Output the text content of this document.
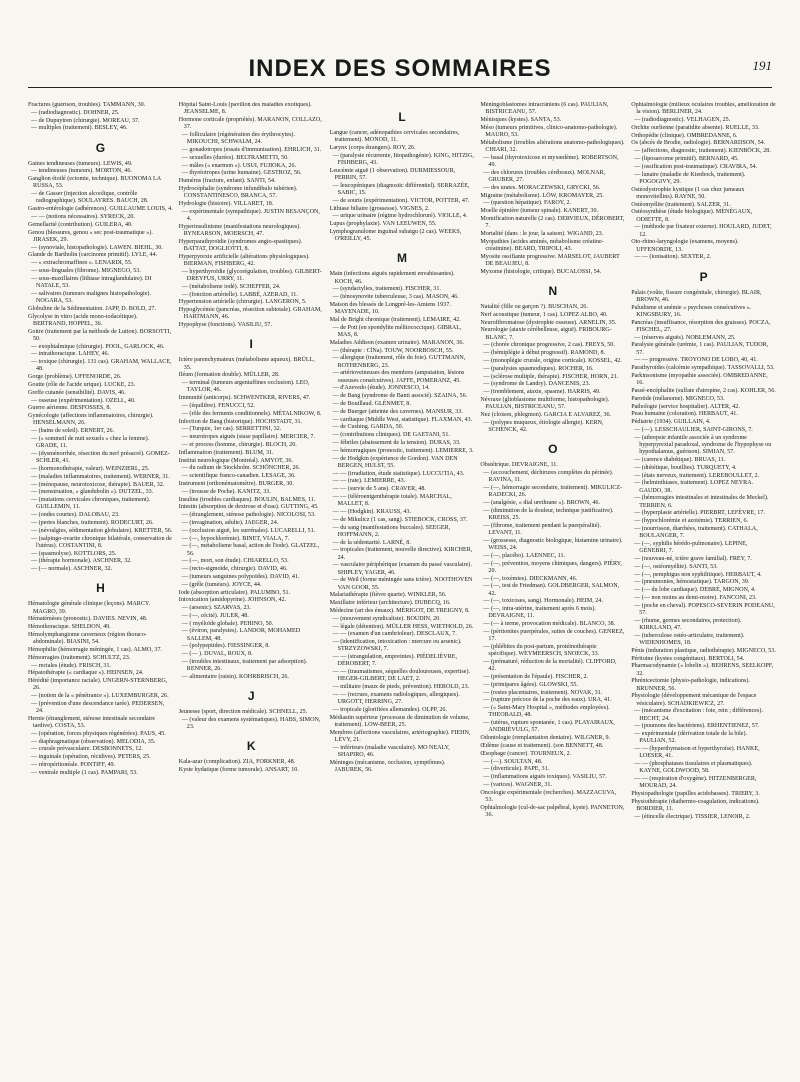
INDEX DES SOMMAIRES	191
Fractures (guérison, troubles). TAMMANN, 30.
— (radiodiagnostic). DOHNER, 25.
— de Dupuytren (chirurgie). MOREAU, 37.
— multiples (traitement). BESLEY, 46.
G
Gaines tendineuses (tumeurs). LEWIS, 49.
— tendineuses (tumeurs). MORTON, 46.
Ganglion étoilé (ectomie, technique). BUONOMA LA RUSSA, 53.
— de Gasser (injection alcoolique, contrôle radiographique). SOULAYRES. BAUCH, 28.
Gastro-entérologie (adhérences). GUILLAUME LOUIS, 4.
— — (notions nécessaires). SYRECK, 20.
Gemellarité (contribution). GUILERA, 40.
Genou (blessures, genou « sec post-traumatique »). JIRASEK, 29.
— (synoviale, histopathologie). LAWEN. BIEHL, 30.
Glande de Bartholin (carcinome primitif). LYLE, 44.
— « extrachromaffines ». LENARDI, 55.
— sous-linguales (fibrome). MIGNEGO, 53.
— sous-maxillaires (lithiase intraglandulaire). DI NATALE, 53.
— salivaires (tumeurs malignes histopathologie). NOGARA, 53.
Globuline de la Sédimentation. JAPP, D. BOLD, 27.
Glycolyse in vitro (acide mono-iodacétique). BERTRAND, HOPPEL, 36.
Goitre (traitement par la méthode de Lutton). BORSOTTI, 50.
— exophtalmique (chirurgie). POOL, GARLOCK, 46.
— intrathoracique. LAHEY, 46.
— toxique (chirurgie). 131 cas). GRAHAM, WALLACE, 48.
Gorge (problème). UFFENORDE, 26.
Goutte (rôle de l'acide urique). LUCKE, 23.
Greffe cutanée (sensibilité). DAVIS, 46.
— osseuse (expérimentation). OZELL, 40.
Guerre aérienne. DESFOSSES, 8.
Gynécologie (affections inflammatoires, chirurgie). HENSELMANN, 26.
— (bains de soleil). ERNERT, 26.
— (« sommeil de nuit sexuels » chez la femme). GRADE, 11.
— (dysménorrhée, résection du nerf présacré). GOMEZ-SCHLER, 41.
— (hormonothérapie, valeur). WEINZIERL, 25.
— (maladies inflammatoires, traitement). WERNER, 31.
— (ménopause, neurotoxicose, thérapie). BAUER, 32.
— (menstruation, « glandubolin »). DUTZEL, 33.
— (mutations cervicales chroniques, traitement). GUILLEMIN, 11.
— (ondes courtes). DALOBAU, 23.
— (pertes blanches, traitement). RODECURT, 26.
— (névralgies, sédimentation globulaire). KRETTER, 56.
— (salpingo-ovarite chronique bilatérale, conservation de l'utérus). COSTANTINI, 8.
— (spasmolyse). KOTTLORS, 25.
— (thérapie hormonale). ASCHNER, 32.
— (— normale). ASCHNER, 32.
H
Hématologie générale clinique (leçons). MARCY. MAGRO, 39.
Hématémèses (pronostic). DAVIES. NEVIN, 48.
Hémothoracique. SHELDON, 49.
Hémolymphangiome caverneux (région thoraco-abdominale). BIASINI, 54.
Hémophilie (hémorragie méningée, 1 cas). ALMO, 37.
Hémorragies (traitement). SCHULTZ, 23.
— rectales (étude). FRISCH, 31.
Hépatothérapie (« cardiaque »). HEINSEN, 24.
Hérédité (importance raciale). UNGERN-STERNBERG, 26.
— (notion de la « pénétrance »). LUXEMBURGER, 26.
— (prévention d'une descendance tarée). PEDERSEN, 24.
Hernie (étranglement, sténose intestinale secondaire tardive). COSTA, 53.
— (opération, forces physiques régénérées). PAUS, 45.
— diaphragmatique (observation). MELODIA, 35.
— crurale prévasculaire. DESBONNETS, 12.
— inguinale (opération, récidives). PETERS, 25.
— rétropéritonéale. PONTIFF, 49.
— ventrale multiple (1 cas). PAMPARI, 53.
Hôpital Saint-Louis (pavillon des maladies exotiques). JEANSELME, 8.
Hormone corticale (propriétés). MARANON, COLLAZO, 37.
— folliculaire (régénération des érythrocytes). MIKOUCHI, SCHWALM, 24.
— gonadotropes (essais d'immunisation). EHRLICH, 31.
— sexuelles (durées). BELTRAMETTI, 50.
— mâles (« enarmon »). USUI, FUJIOKA, 26.
— thyréotropes (urine humaine). GESTROZ, 56.
Humérus (fracture, enfant). SANTI, 54.
Hydrocéphalie (syndrome infundibulo tubérien). CONSTANTINESCO, BRANCA, 57.
Hydrologie (histoire). VILLARET, 18.
— expérimentale (sympathique). JUSTIN BESANÇON, 4.
Hyperinsulinisme (manifestations neurologiques). RYNEARSON, MOERSCH, 47.
Hyperparathyroïdie (syndromes angio-spastiques). BATTAT, DOGLIOTTI, 8.
Hyperpyrexie artificielle (altérations physiologiques). BIERMAN, FISHBERG, 42.
— hyperthyroïdie (glycorégulation, troubles). GILBERT-DREYFUS, URRY, 11.
— (métabolisme iodé). SCHEFFER, 24.
— (fonction artérielle). LABBÉ, AZERAD, 11.
Hypertension artérielle (chirurgie). LANGERON, 5.
Hypoglycémie (pancréas, résection subtotale). GRAHAM, HARTMANN, 46.
Hypophyse (fonctions). VASILIU, 57.
I
Ictère parenchymateux (métabolisme aqueux). BRÜLL, 35.
Iléum (formation double). MÜLLER, 28.
— terminal (tumeurs argentaffines occlusion). LEO, TAYLOR, 46.
Immunité (anticorps). SCHWENTKER, RIVERS, 47.
— (équilibre). FENUCCI, 52.
— (rôle des ferments conditionnels). MÉTALNIKOW, 8.
Infection de Bang (historique). HOCHSTADT, 31.
— (Turquie, 1er cas). SERRETTINI, 32.
— neurotropes aiguës (stase papillaire). MERCIER, 7.
— et process (homme, chirurgie). BLOCH, 20.
Inflammation (traitement). BLUM, 31.
Institut neurologique (Montréal). AMYOT, 36.
— du radium de Stockholm. SCHÖNCHER, 26.
— scientifique franco-canadien. LESAGE, 36.
Instrument (orthonématomètre). BURGER, 30.
— (trousse de Poche). KANITZ, 33.
Insuline (troubles cardiaques). BOULIN, BALMES, 11.
Intestin (absorption de dextrose et d'eau). GUTTING, 45.
— (étranglement, sténose pathologie). NICOLOSI, 53.
— (invagination, adulte). JAEGER, 24.
— (occlusion aiguë, les surrénales). LUCARELLI, 51.
— (—, hypochlorémie). BINET, VIALA, 7.
— (—, métabolisme basal, action de l'iode). GLATZEL, 56.
— (—, mort, son étude). CHIARELLO, 53.
— (recto-sigmoïde, chirurgie). DAVID, 46.
— (tumeurs sanguines polypoïdes). DAVID, 41.
— (grêle (tumeurs). JOYCE, 44.
Iode (absorption articulaire). PALUMBO, 51.
Intoxication (amidopyrine). JOHNSON, 42.
— (arsenic). SZARVAS, 23.
— (—, cécité). JULER, 48.
— ( myéloïde globale). PEHINO, 50.
— (éviron, paralysies). LANDOR, MOHAMED SALLEM, 48.
— (polypeptides). FIESSINGER, 8.
— (— ). DUVAL, ROUX, 8.
— (troubles intestinaux, traitement par adsorption). RENNER, 26.
— alimentaire (raisin). KOHRBRISCH, 26.
J
Jeunesse (sport, direction médicale). SCHNELL, 25.
— (valeur des examens systématiques). HABS, SIMON, 23.
K
Kala-azar (complication). ZIA, FORKNER, 48.
Kyste hydatique (forme tumorale). ANSART, 10.
L
Langue (cancer, adénopathies cervicales secondaires, traitement). MONOD, 11.
Larynx (corps étrangers). ROY, 26.
— (paralysie récurrente, Ittopathogénie). KING, HITZIG, FISHBERG, 43.
Leucémie aiguë (1 observation). DURMIESSOUR, PERRIN, 57.
— leucopéniques (diagnostic différentiel). SERRAZÉE, SABIC, 15.
— de souris (expérimentation). VICTOR, POTTER, 47.
Lithiase biliaire (grossesse). VIGNES, 2.
— urique urinaire (régime hydrochloruré). VIOLLE, 4.
Lupus (prophylaxie). VAN LEEUWEN, 55.
Lymphogranulome inguinal subaigu (2 cas). WEEKS, O'REILLY, 45.
M
Main (infections aiguës rapidement envahissantes). KOCH, 46.
— (syndactylies, traitement). FISCHER, 31.
— (ténosynovite tuberculeuse, 3 cas). MASON, 46.
Maison des blessés de Longpré-les-Amiens 1937. MAYENADE, 10.
Mal de Bright chronique (traitement). LEMAIRE, 42.
— de Pott (en spondylite mélitococcique). GIBRAL, MAS, 8.
Maladies Addison (examen urinaire). MARANON, 36.
— (thérapie : ClNa). TOUW, NOORBOSCH, 55.
— allergique (traitement, rôle du foie). GUTTMANN, ROTHENBERG, 23.
— artérioveineuses des membres (amputation, lésions osseuses consécutives). JAFFE, POMERANZ, 45.
— d'Azevedo (étude). JONNESCO, 14.
— de Bang (syndrome de Banti associé). SZAINA, 56.
— de Bouillaud. GLÉNMET, 8.
— de Buerger (atteinte des cavernes). MANSUR, 33.
— cardiaque (Middle West, statistique). FLAXMAN, 43.
— de Cushing. GARDA, 50.
— (contributions cliniques). DE GAETANI, 51.
— fébriles (abaissement de la tension). DURAS, 33.
— hémorragiques (pronostic, traitement). LEMIERRE, 3.
— de Hodgkin (expérience de Gordon). VAN DEN BERGEN, HULST, 55.
— — (irradiation, étude statistique). LUCCUTIA, 43.
— — (rate). LEMIERRE, 43.
— — (survie de 5 ans). CRAVER, 48.
— — (téléroentgenthérapie totale). MARCHAL, MALLET, 8.
— — (Hodgkin). KRAUSS, 43.
— de Mikulicz (1 cas, sang). STIEBOCK, CROSS, 37.
— du sang (manifestations buccales). SEEGER, HOFFMANN, 2.
— de la sédentarité. LARNÉ, 8.
— tropicales (traitement, nouvelle directive). KIRCHER, 24.
— vasculaire périphérique (examen du passé vasculaire). SHIPLEY, YAGER, 46.
— de Weil (forme méningée sans ictère). NOOTHOVEN VAN GOOR, 55.
Malariathérapie (fièvre quarte). WINKLER, 56.
Maxillaire inférieur (architecture). DUBECQ, 16.
Médecine (art des émaux). MÉRIGOT, DE TREIGNY, 8.
— (mouvement syndicaliste). BOUDIN, 20.
— légale (détention). MÜLLER HESS, WIETHOLD, 26.
— — (examen d'un cambrioleur). DESCLAUX, 7.
— (identification, intoxication : mercure ou arsenic). STRZYZOWSKI, 7.
— — (strangulation, empreintes). PIÉDELIÈVRE, DÉROBERT, 7.
— — (traumatismes, séquelles douloureuses, expertise). HEGER-GILBERT, DE LAET, 2.
— militaire (maux de pieds, prévention). HEROLD, 23.
— — (recrues, examens radiologiques, allergiques). URGOTT, HERRING, 27.
— tropicale (glorifiées allemandes). OLPP, 26.
Médiastin supérieur (processus de diminution de volume, traitement). LOW-BEER, 25.
Membres (affections vasculaires, artériographie). FIEHN, LÉVY, 21.
— inférieurs (maladie vasculaire). MO NEALY, SHAPIRO, 46.
Méninges (mécanisme, occlusion, symptômes). JABUREK, 56.
Méningoblastomes intracrâniens (6 cas). PAULIAN, BISTRICEANU, 57.
Ménisques (kystes). SANTA, 53.
Méso (tumeurs primitives, clinico-anatomo-pathologie). MAURO, 53.
Métabolisme (troubles altérations anatomo-pathologiques). CHIARI, 32.
— basal (thyrotoxicose et myxœdème). ROBERTSON, 49.
— des chlorures (troubles cérébraux). MOLNAR, GRUBER, 27.
— des urates. MORACZEWSKI, GRYCKI, 56.
Migraine (métabolisme). LÖW, KROMAYER, 25.
— (question hépatique). FAROY, 2.
Moelle épinière (tumeur spinale). KANERT, 30.
Momification naturelle (2 cas). DERVIEUX, DÉROBERT, 7.
Mortalité (dans : le jour, la saison). WIGAND, 23.
Myopathies (acides aminés, métabolisme créatine-créatinine). BEARD, TRIPOLI, 43.
Myosite ossifiante progressive. MARSELOT, JAUBERT DE BEAUJEU, 8.
Myxome (histologie, critique). BUCALOSSI, 54.
N
Natalité (fille ou garçon ?). BUSCHAN, 26.
Nerf acoustique (tumeur, 1 cas). LOPEZ ALBO, 40.
Neurofibromatose (dystrophie osseuse). ARNELIN, 35.
Neurologie (ataxie cérébelleuse, aiguë). FRIBOURG-BLANC, 7.
— (chorée chronique progressive, 2 cas). FREYS, 50.
— (hémiplégie à début progressif). RAMOND, 8.
— (monoplégie crurale, origine corticale). KOSSEL, 42.
— (paralysies spasmodiques). ROCHER, 16.
— (sclérose multiple, thérapie). FISCHER, HORN, 21.
— (syndrome de Landry). DANCENIS, 23.
— (tremblement, ataxie, spasme). HARRIS, 49.
Névraxe (glioblastome multiforme, histopathologie). PAULIAN, BISTRICEANU, 57.
Nez (cloison, phlegmon). GARCIA E ALVAREZ, 36.
— (polypes muqueux, étiologie allergie). KERN, SCHENCK, 42.
O
Obstétrique. DEVRAIGNE, 11.
— (accouchement, déchirures complètes du périnée). RAVINA, 11.
— (—, hémorragie secondaire, traitement). MIKULICZ-RADECKI, 26.
— (analgésie, « dial urethrane »). BROWN, 46.
— (diminution de la douleur, technique justificative). KREISS, 25.
— (fibrome, traitement pendant la puerpéralité). LEVANT, 11.
— (grossesse, diagnostic biologique, histamine urinaire). WEISS, 24.
— (—, placébo). LAENNEC, 11.
— (—, prévention, moyens chimiques, dangers). PIÉRY, 20.
— (—, toxémies). DIECKMANN, 46.
— (—, test de Friedman). GOLDBERGER, SALMON, 42.
— (—, toxicoses, sang). Hormonale). HEIM, 24.
— (—, intra-utérine, traitement après 6 mois). DEVRAIGNE, 11.
— (— à terme, provocation médicale). BLANCO, 38.
— (péritonites puerpérales, suites de couches). GENREZ, 17.
— (phlébites du post-partum, protéinothérapie spécifique). WEYMEERSCH, SNOECK, 33.
— (prématuré, réduction de la mortalité). CLIFFORD, 42.
— (présentation de l'épaule). FISCHER, 2.
— (primipares âgées). GLOWSKI, 55.
— (restes placentaires, traitement). NOVAK, 31.
— (rupture précoce de la poche des eaux). URA, 41.
— (« Saint-Mary Hospital », méthodes employées). THEOBALD, 48.
— (utérus, rupture spontanée, 1 cas). PLAYAIRAUX, ANDRIÉVULG, 57.
Odontologie (remplantation dentaire). WILGNER, 9.
Œdème (cause et traitement). (son BENNETT, 48.
Œsophage (cancer). TOURNEUX, 2.
— (—). SOULTAN, 48.
— (diverticule). PAPE, 31.
— (inflammations aiguës toxiques). VASILIU, 57.
— (varices). WAGNER, 31.
Oncologie expérimentale (recherches). MAZZACUVA, 53.
Ophtalmologie (cul-de-sac palpébral, kyste). PANNETON, 36.
Ophtalmologie (milieux oculaires troubles, amélioration de la vision). BERLINER, 24.
— (radiodiagnostic). VELHAGEN, 25.
Orchite ourlienne (paratidite absente). RUELLE, 33.
Orthopédie (clinique). OMBREDANNE, 6.
Os (abcès de Brodie, radiologie). BERNARDSON, 54.
— (affections, diagnostic, traitement). KIENBÖCK, 28.
— (liposarcome primitif). BERNARD, 45.
— (ossification post-traumatique). CRAVIRA, 54.
— lunaire (maladie de Kienbock, traitement). POGOGIVY, 29.
Ostéodystrophie kystique (1 cas chez jumeaux monovitellins). RAYNE, 50.
Ostéomyélite (traitement). SALZER, 31.
Ostéosynthèse (étude biologique). MÉNÉGAUX, ODIETTE, 8.
— (méthode par fixateur externe). HOULARD, JUDET, 12.
Oto-rhino-laryngologie (examens, moyens). UFFENORDE, 13.
— — (ionisation). SEXTER, 2.
P
Palais (voûte, fissure congénitale, chirurgie). BLAIR, BROWN, 46.
Paludisme et anémie « psychoses consécutives ». KINGSBURY, 16.
Pancréas (insuffisance, résorption des graisses). POCZA, FISCHEL, 27.
— (réserves aiguës). NOBLEMANN, 25.
Paralysie générale (urémie, 1 cas). PAULIAN, TUDOR, 57.
— — progressive. TROYONO DE LOBO, 40, 41.
Parathyroïdes (calcémie sympathique). TASSOVALLI, 53.
Parkinsonisme (myopathie associée). OMBREDANNE, 16.
Passé-encéphalite (sulfate d'atropine, 2 cas). KOHLER, 56.
Parotide (mélanome). MIGNECO, 53.
Pathologie (service hospitalier). ALTER, 42.
Peau humaine (coloration). HERBAUT, 41.
Pédiatrie (1934). GUILLAIN, 4.
— (—). LESSCHAULIER, SAINT-GIRONS, 7.
— (athrepsie infantile associée à un syndrome hyperpyrexial paradoxal, syndrome de l'hypophyse ou hypothalamus, guérison). SIMIAN, 57.
— (carence diabétique). BRUAS, 11.
— (diététique, bouillies). TURQUETY, 4.
— (états nerveux, traitement). LEREBOULLET, 2.
— (helminthiases, traitement). LOPEZ NEYRA. GAUDO, 38.
— (hémorragies intestinales et intestinales de Meckel). TERRIEN, 6.
— (hyperplasie artérielle). PIERBRT, LEFÈVRE, 17.
— (hypochlorémie et azotémie). TERRIEN, 6.
— (nourrisson, diarrhées, traitement). CATHALA, BOULANGER, 7.
— (—, syphilis hérédo-pulmonaire). LEPINE, GÉNEBRI, 7.
— (nouveau-né, ictère grave familial). FREY, 7.
— (—, ostéomyélite). SANTI, 53.
— (—, pemphigus non syphilitique). HERBAUT, 4.
— (pneumonies, hémostatique). TARGON, 39.
— (— du lobe cardiaque). DEBRÉ, MIGNON, 4.
— (— non moins au demi-moire). FANCONI, 23.
— (poche en cheval). POPESCO-SEVERIN PODEANU, 57.
— (rhume, germes secondaires, protection). KIRKLAND, 47.
— (tuberculose ostéo-articulaire, traitement). WIDENHOMES, 18.
Pénis (induration plastique, radiothérapie). MIGNECO, 53.
Péritoine (kystes congénitaux). BERTOLI, 54.
Pharmacodynamie (« lobelin »). BEHRENS, SEELKOPF, 32.
Phrénicectomie (physio-pathologie, indications). BRUNNER, 56.
Physiologie (développement mécanique de l'espace vésiculaire). SCHADKIEWICZ, 27.
— (mécanisme d'excitation : foie, rein ; différences). HECHT, 24.
— (poumons des bactériens). ERHENTIENEZ, 57.
— expérimentale (dérivation totale de la bile). PAULIAN, 52.
— — (hyperthymaison et hyperthyroïse). HANKE, LOESER, 41.
— — (phosphatases tissulaires et plasmatiques). KAYNE, GOLDWOOD, 58.
— — (respiration d'oxygène). HITZENBERGER, MOURAD, 24.
Physiopathologie (papilles acidobasses). TRIERY, 3.
Physiothérapie (diathermo-coagulation, indications). BORDIER, 11.
— (étincelle électrique). TISSIER, LENOIR, 2.
